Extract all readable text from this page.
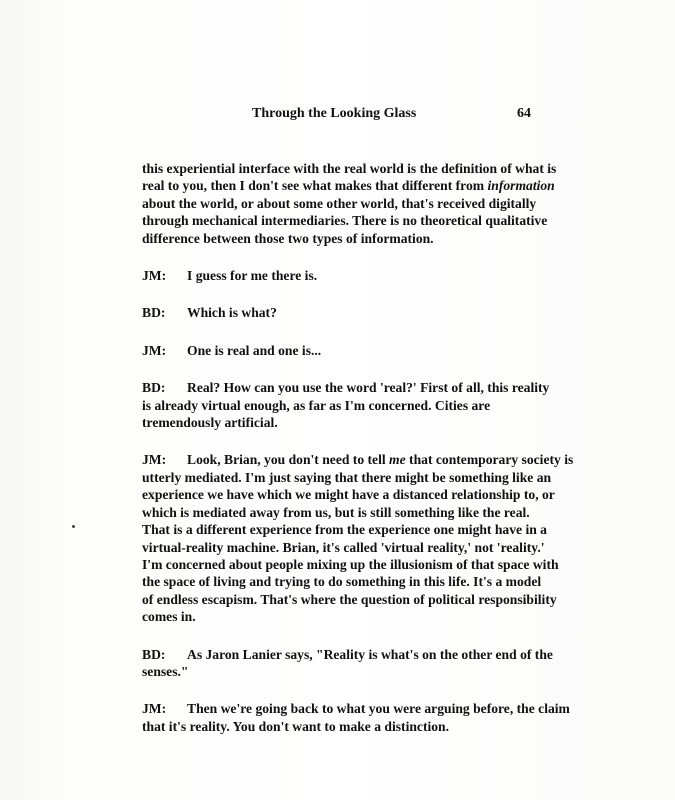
Through the Looking Glass	64
this experiential interface with the real world is the definition of what is
real to you, then I don't see what makes that different from information
about the world, or about some other world, that's received digitally
through mechanical intermediaries. There is no theoretical qualitative
difference between those two types of information.
JM: I guess for me there is.
BD: Which is what?
JM: One is real and one is...
BD: Real? How can you use the word 'real?' First of all, this reality
is already virtual enough, as far as I'm concerned. Cities are
tremendously artificial.
JM: Look, Brian, you don't need to tell me that contemporary society is
utterly mediated. I'm just saying that there might be something like an
experience we have which we might have a distanced relationship to, or
which is mediated away from us, but is still something like the real.
That is a different experience from the experience one might have in a
virtual-reality machine. Brian, it's called 'virtual reality,' not 'reality.'
I'm concerned about people mixing up the illusionism of that space with
the space of living and trying to do something in this life. It's a model
of endless escapism. That's where the question of political responsibility
comes in.
BD: As Jaron Lanier says, "Reality is what's on the other end of the
senses."
JM: Then we're going back to what you were arguing before, the claim
that it's reality. You don't want to make a distinction.
